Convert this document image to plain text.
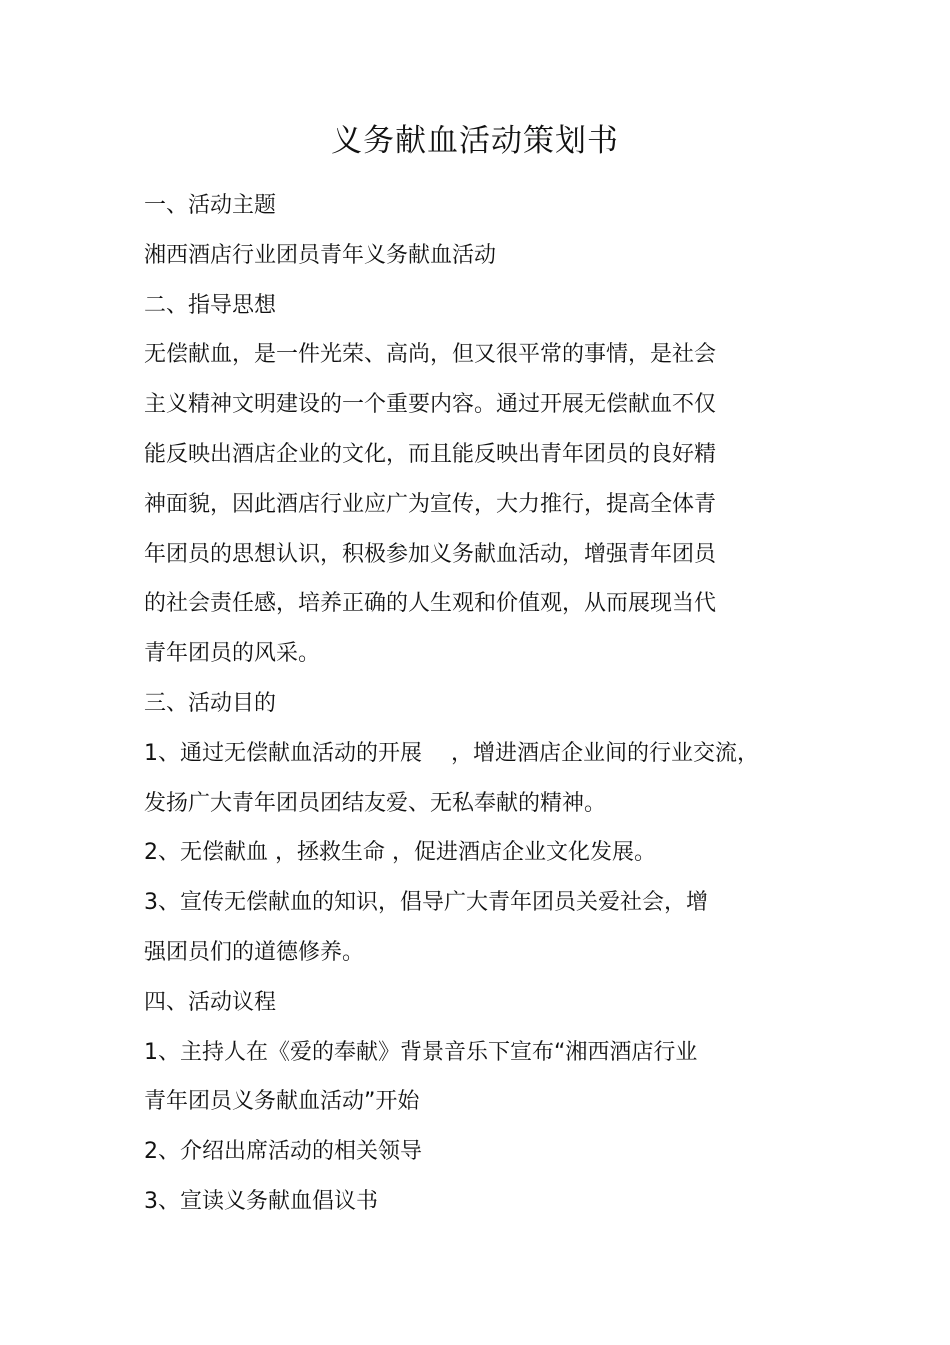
义务献血活动策划书

一、活动主题

湘西酒店行业团员青年义务献血活动

二、指导思想

无偿献血，是一件光荣、高尚，但又很平常的事情，是社会

主义精神文明建设的一个重要内容。通过开展无偿献血不仅

能反映出酒店企业的文化，而且能反映出青年团员的良好精

神面貌，因此酒店行业应广为宣传，大力推行，提高全体青

年团员的思想认识，积极参加义务献血活动，增强青年团员

的社会责任感，培养正确的人生观和价值观，从而展现当代

青年团员的风采。

三、活动目的

1、通过无偿献血活动的开展　 ，增进酒店企业间的行业交流，

发扬广大青年团员团结友爱、无私奉献的精神。

2、无偿献血 ，拯救生命 ，促进酒店企业文化发展。

3、宣传无偿献血的知识，倡导广大青年团员关爱社会，增

强团员们的道德修养。

四、活动议程

1、主持人在《爱的奉献》背景音乐下宣布“湘西酒店行业

青年团员义务献血活动”开始

2、介绍出席活动的相关领导

3、宣读义务献血倡议书
